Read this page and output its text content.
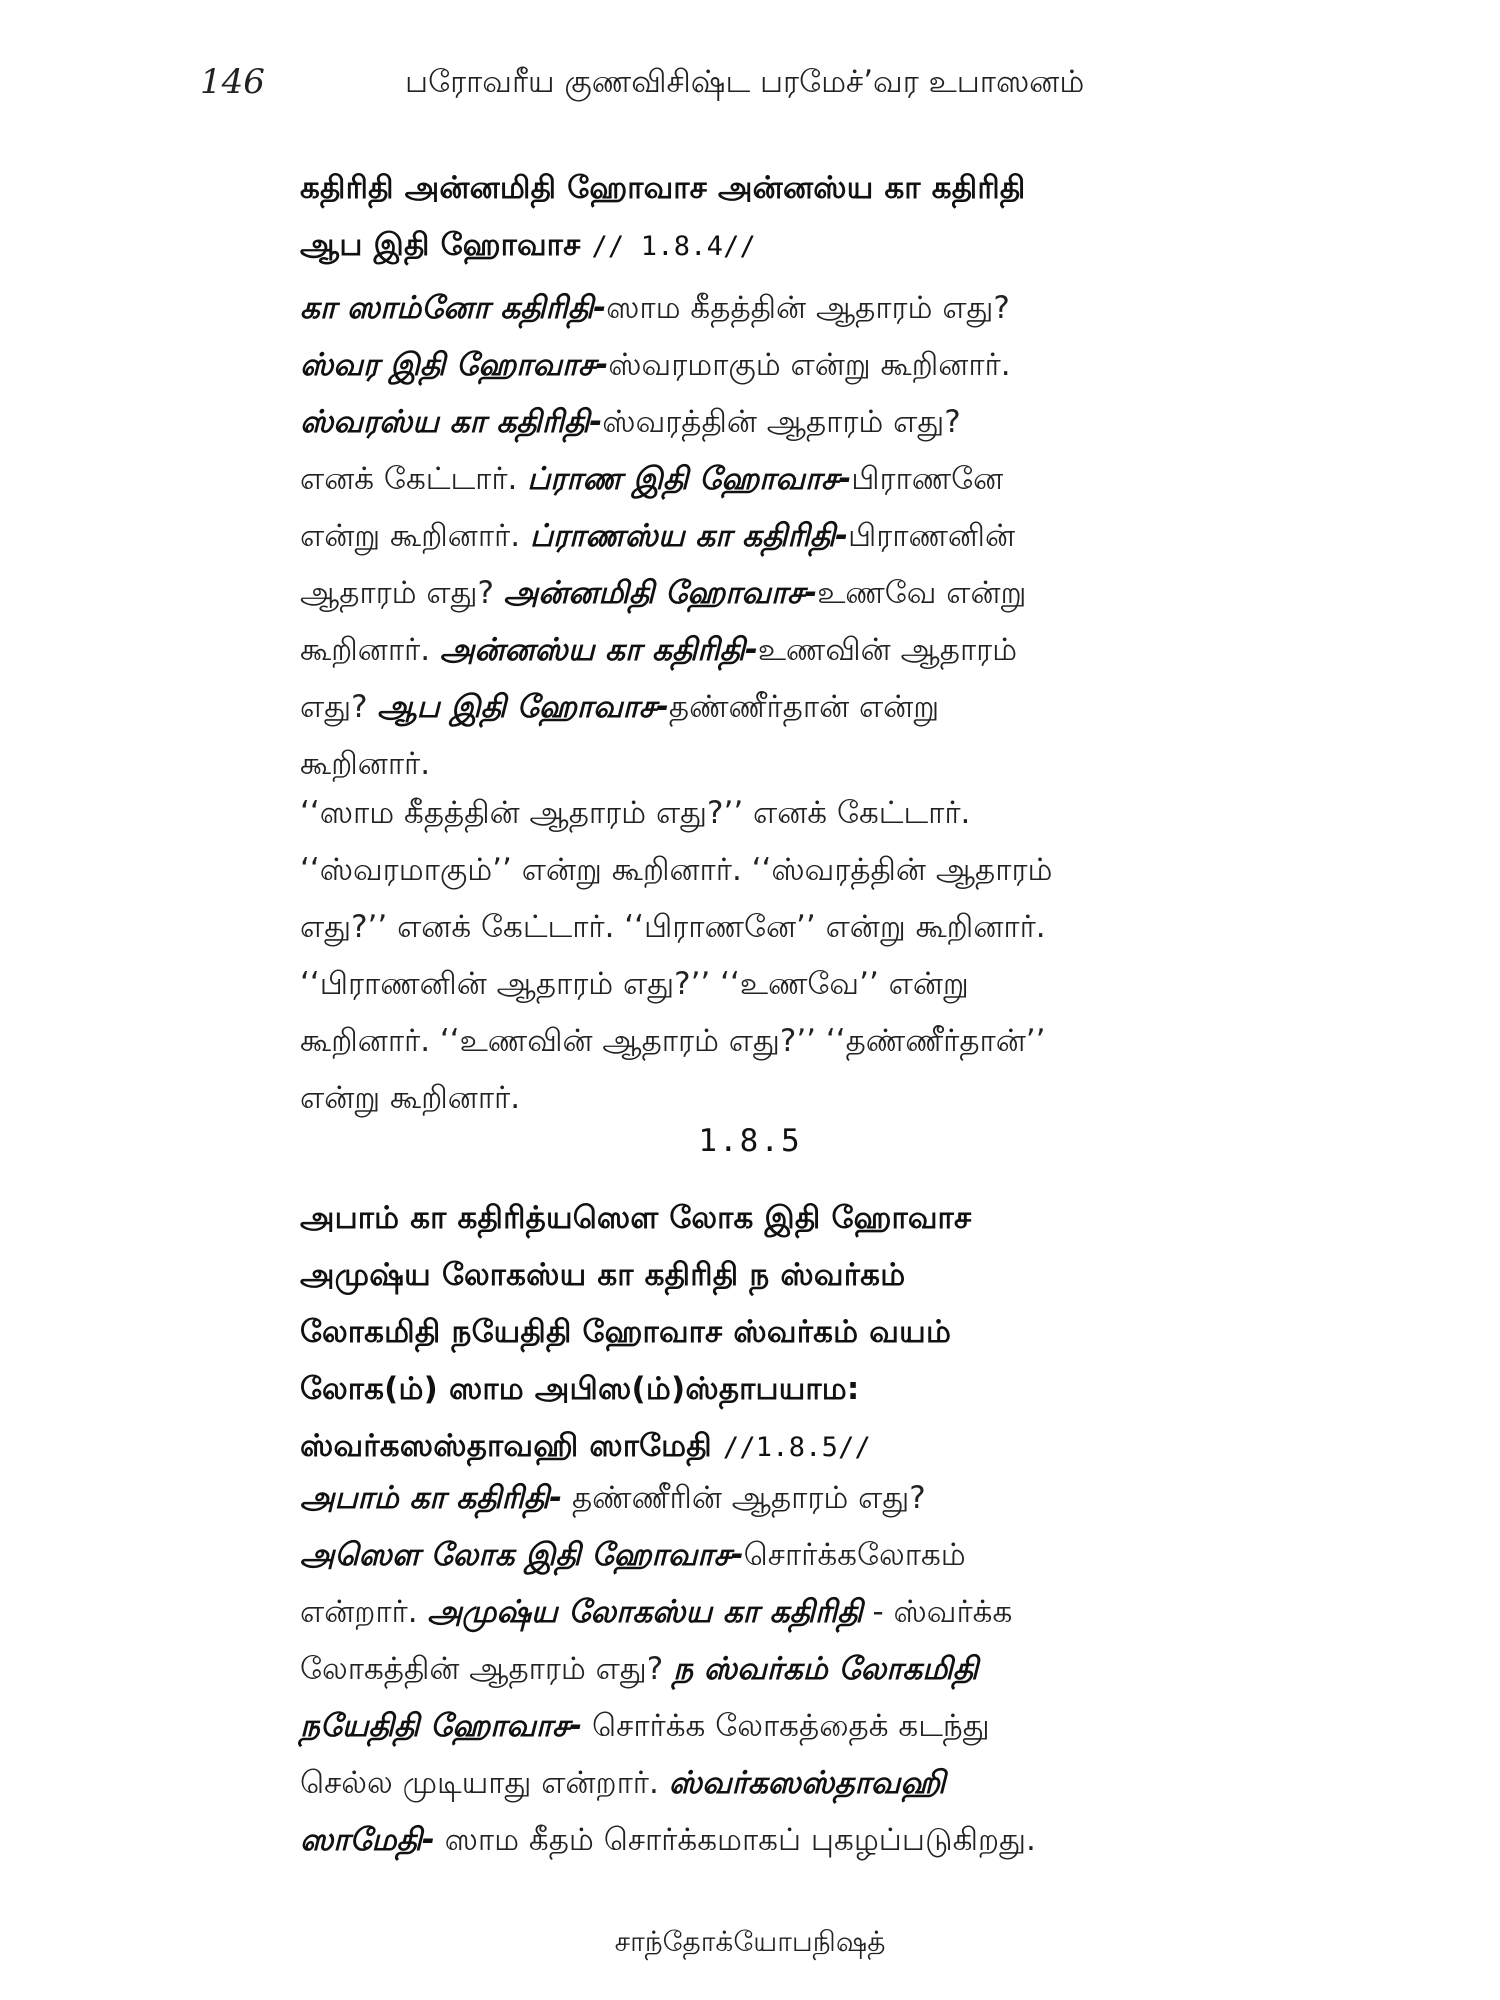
146	பரோவரீய குணவிசிஷ்ட பரமேச்’வர உபாஸனம்
கதிரிதி அன்னமிதி ஹோவாச அன்னஸ்ய கா கதிரிதி
ஆப இதி ஹோவாச // 1.8.4//
கா ஸாம்னோ கதிரிதி-ஸாம கீதத்தின் ஆதாரம் எது?
ஸ்வர இதி ஹோவாச-ஸ்வரமாகும் என்று கூறினார்.
ஸ்வரஸ்ய கா கதிரிதி-ஸ்வரத்தின் ஆதாரம் எது?
எனக் கேட்டார். ப்ராண இதி ஹோவாச-பிராணனே
என்று கூறினார். ப்ராணஸ்ய கா கதிரிதி-பிராணனின்
ஆதாரம் எது? அன்னமிதி ஹோவாச-உணவே என்று
கூறினார். அன்னஸ்ய கா கதிரிதி-உணவின் ஆதாரம்
எது? ஆப இதி ஹோவாச-தண்ணீர்தான் என்று
கூறினார்.
‘‘ஸாம கீதத்தின் ஆதாரம் எது?’’ எனக் கேட்டார்.
‘‘ஸ்வரமாகும்’’ என்று கூறினார். ‘‘ஸ்வரத்தின் ஆதாரம்
எது?’’ எனக் கேட்டார். ‘‘பிராணனே’’ என்று கூறினார்.
‘‘பிராணனின் ஆதாரம் எது?’’ ‘‘உணவே’’ என்று
கூறினார். ‘‘உணவின் ஆதாரம் எது?’’ ‘‘தண்ணீர்தான்’’
என்று கூறினார்.
1.8.5
அபாம் கா கதிரித்யஸௌ லோக இதி ஹோவாச
அமுஷ்ய லோகஸ்ய கா கதிரிதி ந ஸ்வர்கம்
லோகமிதி நயேதிதி ஹோவாச ஸ்வர்கம் வயம்
லோக(ம்) ஸாம அபிஸ(ம்)ஸ்தாபயாம:
ஸ்வர்கஸஸ்தாவஹி ஸாமேதி //1.8.5//
அபாம் கா கதிரிதி- தண்ணீரின் ஆதாரம் எது?
அஸௌ லோக இதி ஹோவாச-சொர்க்கலோகம்
என்றார். அமுஷ்ய லோகஸ்ய கா கதிரிதி - ஸ்வர்க்க
லோகத்தின் ஆதாரம் எது? ந ஸ்வர்கம் லோகமிதி
நயேதிதி ஹோவாச- சொர்க்க லோகத்தைக் கடந்து
செல்ல முடியாது என்றார். ஸ்வர்கஸஸ்தாவஹி
ஸாமேதி- ஸாம கீதம் சொர்க்கமாகப் புகழப்படுகிறது.
சாந்தோக்யோபநிஷத்
